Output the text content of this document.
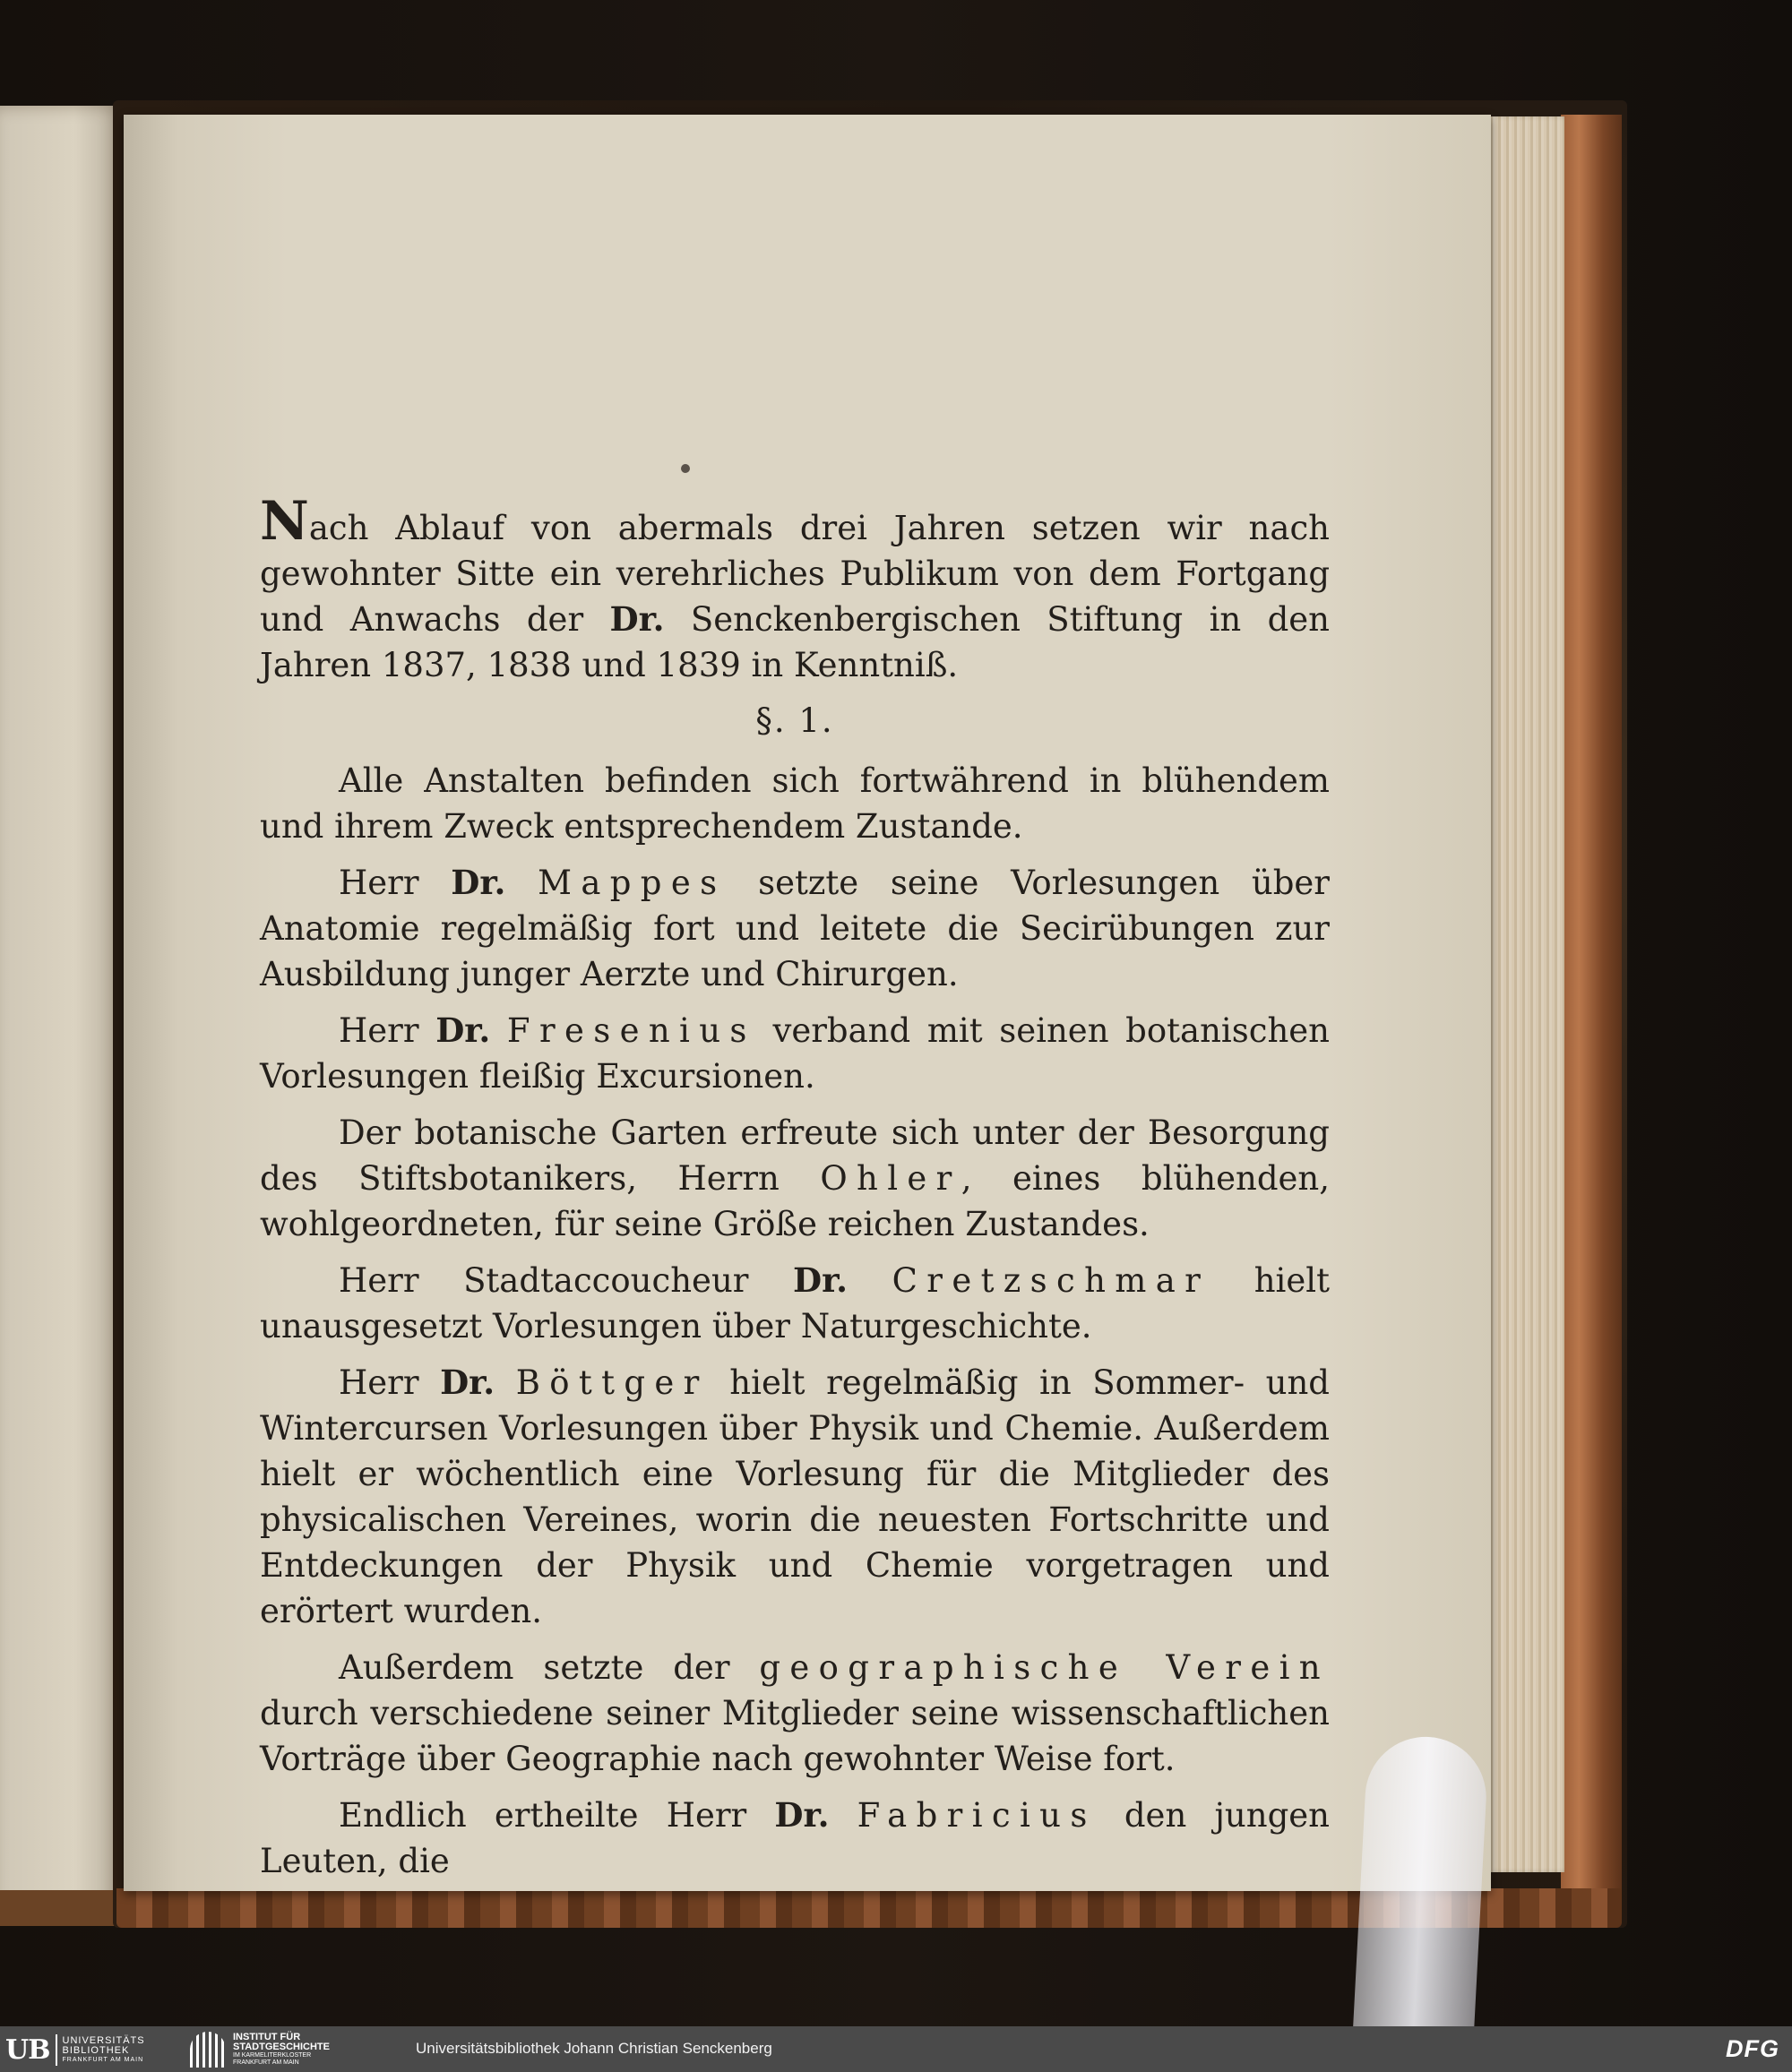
Nach Ablauf von abermals drei Jahren setzen wir nach gewohnter Sitte ein verehrliches Publikum von dem Fortgang und Anwachs der Dr. Senckenbergischen Stiftung in den Jahren 1837, 1838 und 1839 in Kenntniß.

§. 1.

Alle Anstalten befinden sich fortwährend in blühendem und ihrem Zweck entsprechendem Zustande.

Herr Dr. Mappes setzte seine Vorlesungen über Anatomie regelmäßig fort und leitete die Secirübungen zur Ausbildung junger Aerzte und Chirurgen.

Herr Dr. Fresenius verband mit seinen botanischen Vorlesungen fleißig Excursionen.

Der botanische Garten erfreute sich unter der Besorgung des Stiftsbotanikers, Herrn Ohler, eines blühenden, wohlgeordneten, für seine Größe reichen Zustandes.

Herr Stadtaccoucheur Dr. Cretzschmar hielt unausgesetzt Vorlesungen über Naturgeschichte.

Herr Dr. Böttger hielt regelmäßig in Sommer- und Wintercursen Vorlesungen über Physik und Chemie. Außerdem hielt er wöchentlich eine Vorlesung für die Mitglieder des physicalischen Vereines, worin die neuesten Fortschritte und Entdeckungen der Physik und Chemie vorgetragen und erörtert wurden.

Außerdem setzte der geographische Verein durch verschiedene seiner Mitglieder seine wissenschaftlichen Vorträge über Geographie nach gewohnter Weise fort.

Endlich ertheilte Herr Dr. Fabricius den jungen Leuten, die

UB	UNIVERSITÄTS
BIBLIOTHEK
FRANKFURT AM MAIN
INSTITUT FÜR
STADTGESCHICHTE
IM KARMELITERKLOSTER
FRANKFURT AM MAIN
Universitätsbibliothek Johann Christian Senckenberg	DFG
